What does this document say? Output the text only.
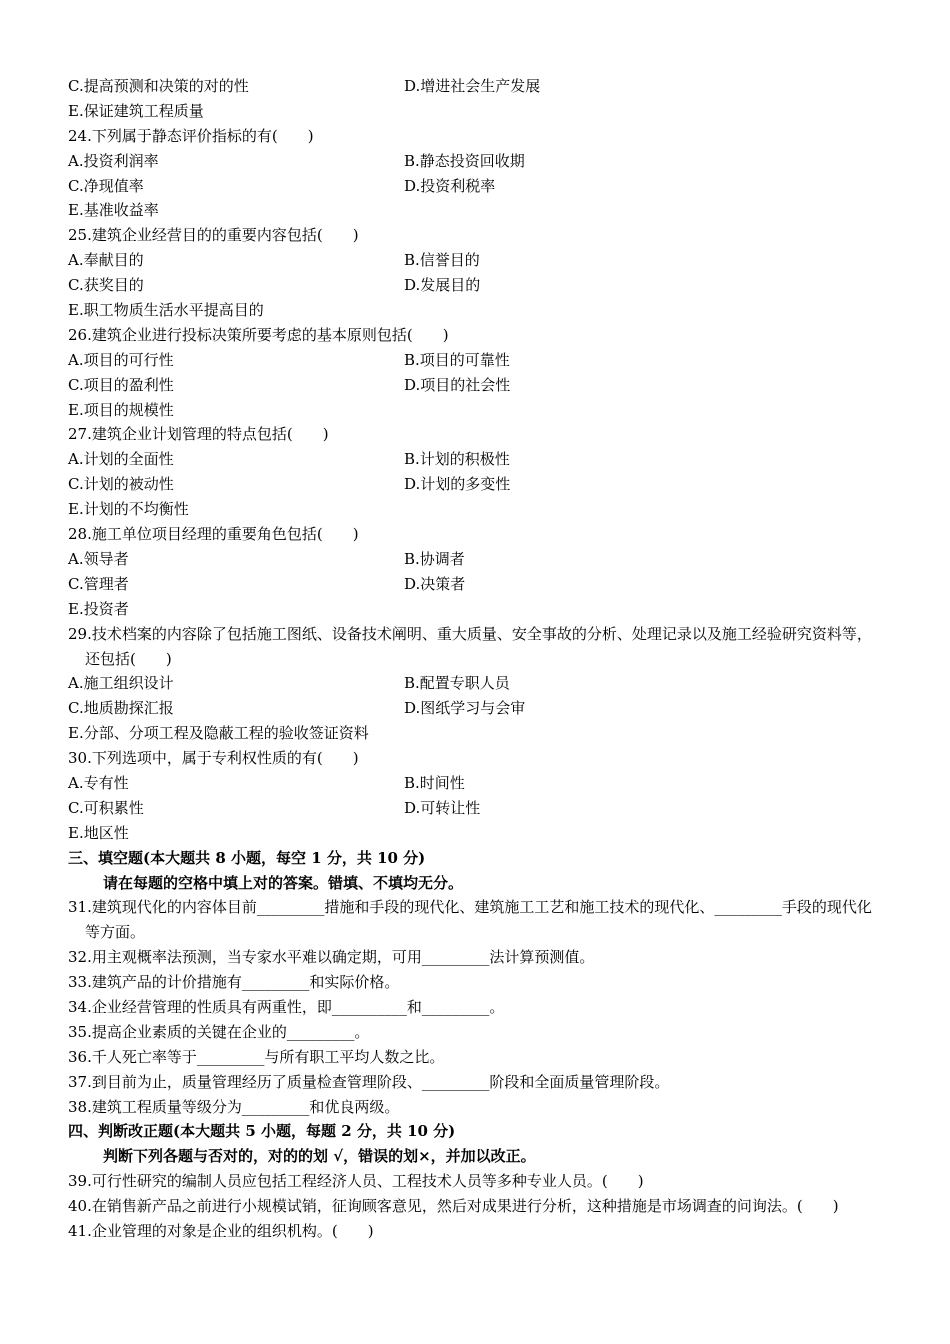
C.提高预测和决策的对的性	D.增进社会生产发展
E.保证建筑工程质量
24.下列属于静态评价指标的有(　　)
A.投资利润率	B.静态投资回收期
C.净现值率	D.投资利税率
E.基准收益率
25.建筑企业经营目的的重要内容包括(　　)
A.奉献目的	B.信誉目的
C.获奖目的	D.发展目的
E.职工物质生活水平提高目的
26.建筑企业进行投标决策所要考虑的基本原则包括(　　)
A.项目的可行性	B.项目的可靠性
C.项目的盈利性	D.项目的社会性
E.项目的规模性
27.建筑企业计划管理的特点包括(　　)
A.计划的全面性	B.计划的积极性
C.计划的被动性	D.计划的多变性
E.计划的不均衡性
28.施工单位项目经理的重要角色包括(　　)
A.领导者	B.协调者
C.管理者	D.决策者
E.投资者
29.技术档案的内容除了包括施工图纸、设备技术阐明、重大质量、安全事故的分析、处理记录以及施工经验研究资料等，还包括(　　)
A.施工组织设计	B.配置专职人员
C.地质勘探汇报	D.图纸学习与会审
E.分部、分项工程及隐蔽工程的验收签证资料
30.下列选项中，属于专利权性质的有(　　)
A.专有性	B.时间性
C.可积累性	D.可转让性
E.地区性
三、填空题(本大题共 8 小题，每空 1 分，共 10 分)
请在每题的空格中填上对的答案。错填、不填均无分。
31.建筑现代化的内容体目前_________措施和手段的现代化、建筑施工工艺和施工技术的现代化、_________手段的现代化等方面。
32.用主观概率法预测，当专家水平难以确定期，可用_________法计算预测值。
33.建筑产品的计价措施有_________和实际价格。
34.企业经营管理的性质具有两重性，即__________和_________。
35.提高企业素质的关键在企业的_________。
36.千人死亡率等于_________与所有职工平均人数之比。
37.到目前为止，质量管理经历了质量检查管理阶段、_________阶段和全面质量管理阶段。
38.建筑工程质量等级分为_________和优良两级。
四、判断改正题(本大题共 5 小题，每题 2 分，共 10 分)
判断下列各题与否对的，对的的划 √，错误的划×，并加以改正。
39.可行性研究的编制人员应包括工程经济人员、工程技术人员等多种专业人员。(　　)
40.在销售新产品之前进行小规模试销，征询顾客意见，然后对成果进行分析，这种措施是市场调查的问询法。(　　)
41.企业管理的对象是企业的组织机构。(　　)
